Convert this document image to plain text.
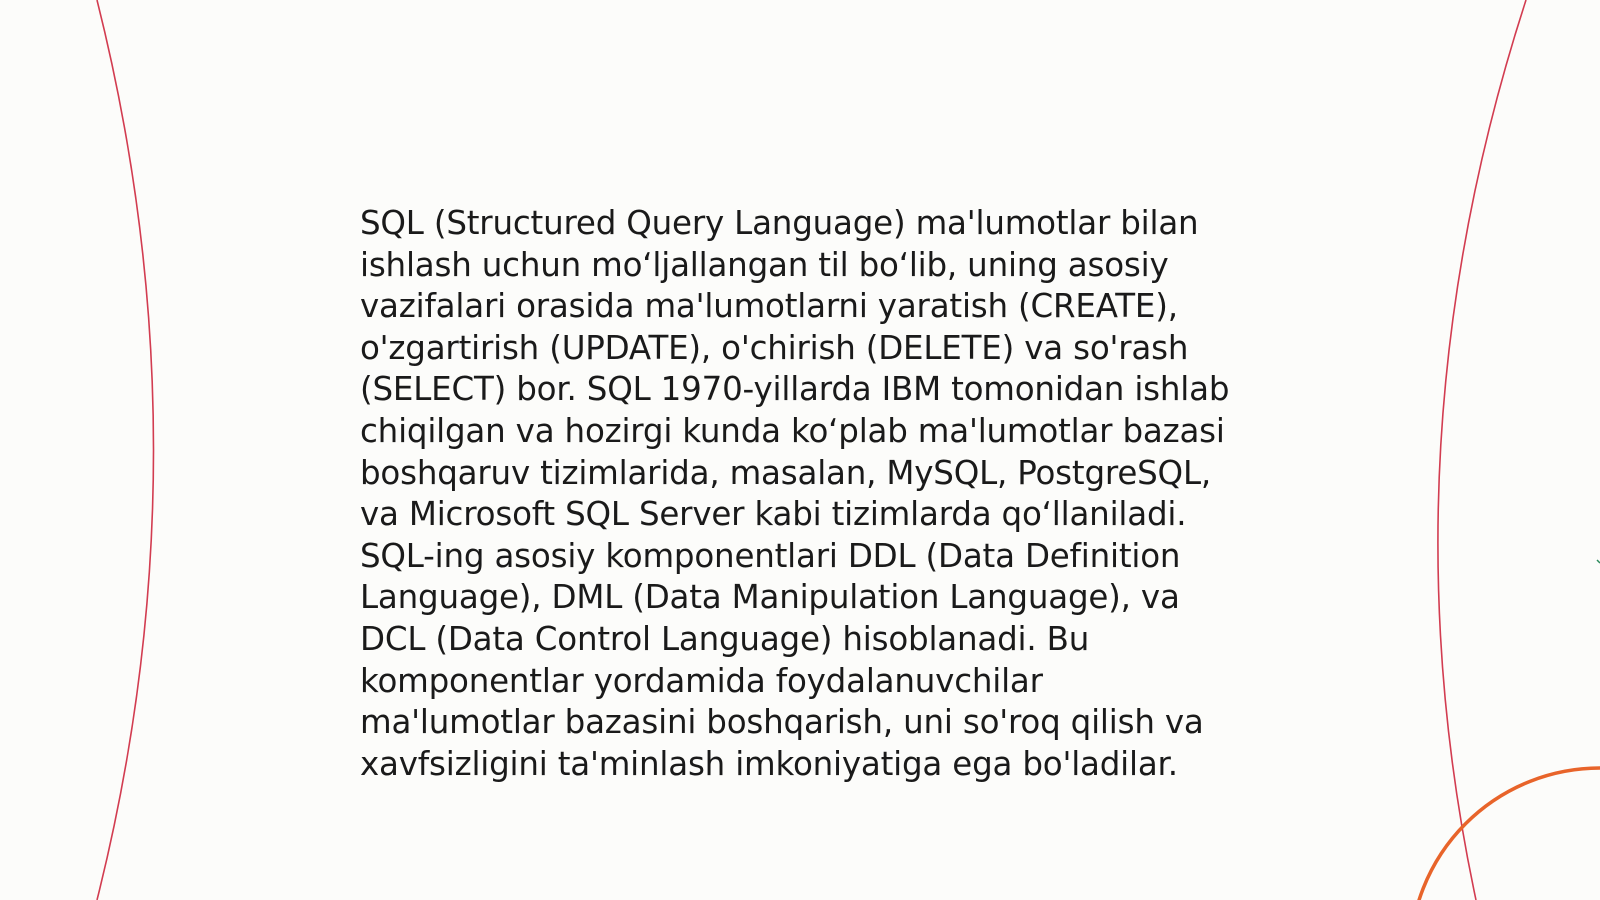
SQL (Structured Query Language) ma'lumotlar bilan
ishlash uchun mo‘ljallangan til bo‘lib, uning asosiy
vazifalari orasida ma'lumotlarni yaratish (CREATE),
o'zgartirish (UPDATE), o'chirish (DELETE) va so'rash
(SELECT) bor. SQL 1970-yillarda IBM tomonidan ishlab
chiqilgan va hozirgi kunda ko‘plab ma'lumotlar bazasi
boshqaruv tizimlarida, masalan, MySQL, PostgreSQL,
va Microsoft SQL Server kabi tizimlarda qo‘llaniladi.
SQL-ing asosiy komponentlari DDL (Data Definition
Language), DML (Data Manipulation Language), va
DCL (Data Control Language) hisoblanadi. Bu
komponentlar yordamida foydalanuvchilar
ma'lumotlar bazasini boshqarish, uni so'roq qilish va
xavfsizligini ta'minlash imkoniyatiga ega bo'ladilar.
